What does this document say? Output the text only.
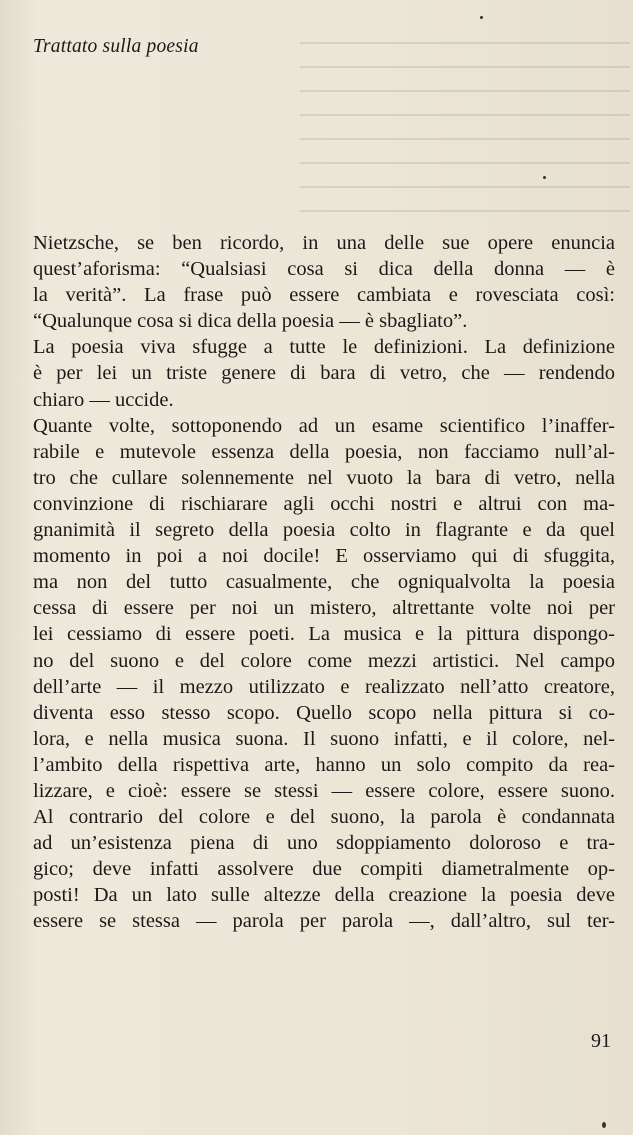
Trattato sulla poesia
Nietzsche, se ben ricordo, in una delle sue opere enuncia
quest’aforisma: “Qualsiasi cosa si dica della donna — è
la verità”. La frase può essere cambiata e rovesciata così:
“Qualunque cosa si dica della poesia — è sbagliato”.
La poesia viva sfugge a tutte le definizioni. La definizione
è per lei un triste genere di bara di vetro, che — rendendo
chiaro — uccide.
Quante volte, sottoponendo ad un esame scientifico l’inaffer-
rabile e mutevole essenza della poesia, non facciamo null’al-
tro che cullare solennemente nel vuoto la bara di vetro, nella
convinzione di rischiarare agli occhi nostri e altrui con ma-
gnanimità il segreto della poesia colto in flagrante e da quel
momento in poi a noi docile! E osserviamo qui di sfuggita,
ma non del tutto casualmente, che ogniqualvolta la poesia
cessa di essere per noi un mistero, altrettante volte noi per
lei cessiamo di essere poeti. La musica e la pittura dispongo-
no del suono e del colore come mezzi artistici. Nel campo
dell’arte — il mezzo utilizzato e realizzato nell’atto creatore,
diventa esso stesso scopo. Quello scopo nella pittura si co-
lora, e nella musica suona. Il suono infatti, e il colore, nel-
l’ambito della rispettiva arte, hanno un solo compito da rea-
lizzare, e cioè: essere se stessi — essere colore, essere suono.
Al contrario del colore e del suono, la parola è condannata
ad un’esistenza piena di uno sdoppiamento doloroso e tra-
gico; deve infatti assolvere due compiti diametralmente op-
posti! Da un lato sulle altezze della creazione la poesia deve
essere se stessa — parola per parola —, dall’altro, sul ter-
91
